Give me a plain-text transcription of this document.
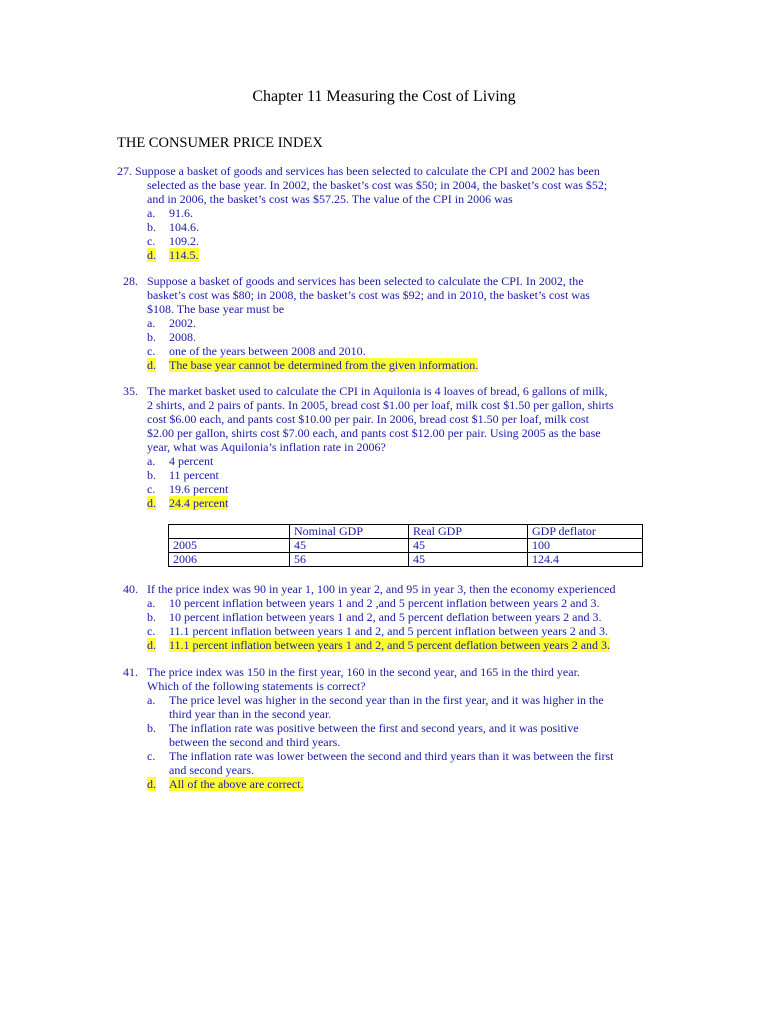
Chapter 11 Measuring the Cost of Living
THE CONSUMER PRICE INDEX
27. Suppose a basket of goods and services has been selected to calculate the CPI and 2002 has been
selected as the base year. In 2002, the basket’s cost was $50; in 2004, the basket’s cost was $52;
and in 2006, the basket’s cost was $57.25. The value of the CPI in 2006 was
a. 91.6.
b. 104.6.
c. 109.2.
d. 114.5.
28. Suppose a basket of goods and services has been selected to calculate the CPI. In 2002, the
basket’s cost was $80; in 2008, the basket’s cost was $92; and in 2010, the basket’s cost was
$108. The base year must be
a. 2002.
b. 2008.
c. one of the years between 2008 and 2010.
d. The base year cannot be determined from the given information.
35. The market basket used to calculate the CPI in Aquilonia is 4 loaves of bread, 6 gallons of milk,
2 shirts, and 2 pairs of pants. In 2005, bread cost $1.00 per loaf, milk cost $1.50 per gallon, shirts
cost $6.00 each, and pants cost $10.00 per pair. In 2006, bread cost $1.50 per loaf, milk cost
$2.00 per gallon, shirts cost $7.00 each, and pants cost $12.00 per pair. Using 2005 as the base
year, what was Aquilonia’s inflation rate in 2006?
a. 4 percent
b. 11 percent
c. 19.6 percent
d. 24.4 percent
	Nominal GDP	Real GDP	GDP deflator
2005	45	45	100
2006	56	45	124.4
40. If the price index was 90 in year 1, 100 in year 2, and 95 in year 3, then the economy experienced
a. 10 percent inflation between years 1 and 2 ,and 5 percent inflation between years 2 and 3.
b. 10 percent inflation between years 1 and 2, and 5 percent deflation between years 2 and 3.
c. 11.1 percent inflation between years 1 and 2, and 5 percent inflation between years 2 and 3.
d. 11.1 percent inflation between years 1 and 2, and 5 percent deflation between years 2 and 3.
41. The price index was 150 in the first year, 160 in the second year, and 165 in the third year.
Which of the following statements is correct?
a. The price level was higher in the second year than in the first year, and it was higher in the
third year than in the second year.
b. The inflation rate was positive between the first and second years, and it was positive
between the second and third years.
c. The inflation rate was lower between the second and third years than it was between the first
and second years.
d. All of the above are correct.
